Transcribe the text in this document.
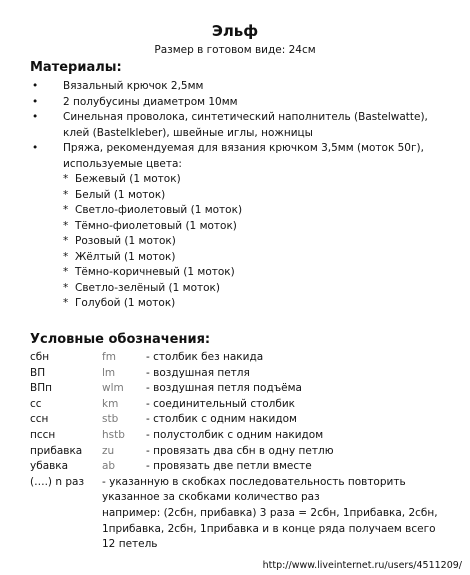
Эльф
Размер в готовом виде: 24см
Материалы:
• Вязальный крючок 2,5мм
• 2 полубусины диаметром 10мм
• Синельная проволока, синтетический наполнитель (Bastelwatte), клей (Bastelkleber), швейные иглы, ножницы
• Пряжа, рекомендуемая для вязания крючком 3,5мм (моток 50г), используемые цвета:
* Бежевый (1 моток)
* Белый (1 моток)
* Светло-фиолетовый (1 моток)
* Тёмно-фиолетовый (1 моток)
* Розовый (1 моток)
* Жёлтый (1 моток)
* Тёмно-коричневый (1 моток)
* Светло-зелёный (1 моток)
* Голубой (1 моток)
Условные обозначения:
сбн	fm	- столбик без накида
ВП	lm	- воздушная петля
ВПп	wlm - воздушная петля подъёма
сс	km	- соединительный столбик
ссн	stb	- столбик с одним накидом
пссн	hstb - полустолбик с одним накидом
прибавка zu	- провязать два сбн в одну петлю
убавка	ab	- провязать две петли вместе
(….) n раз - указанную в скобках последовательность повторить указанное за скобками количество раз
например: (2сбн, прибавка) 3 раза = 2сбн, 1прибавка, 2сбн, 1прибавка, 2сбн, 1прибавка и в конце ряда получаем всего 12 петель
http://www.liveinternet.ru/users/4511209/
